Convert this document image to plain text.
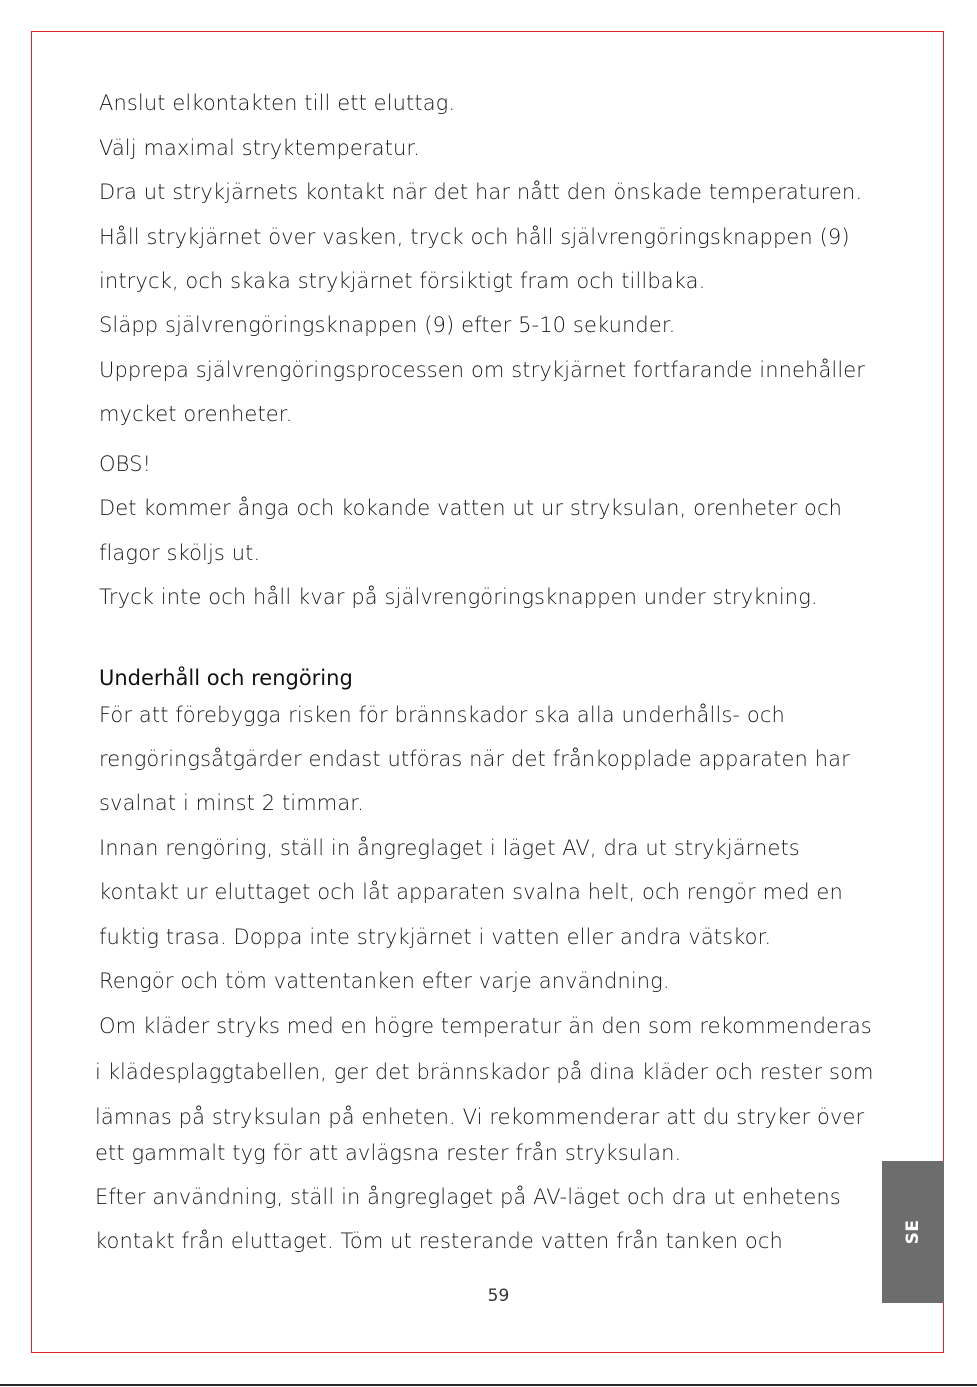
Anslut elkontakten till ett eluttag.
Välj maximal stryktemperatur.
Dra ut strykjärnets kontakt när det har nått den önskade temperaturen.
Håll strykjärnet över vasken, tryck och håll självrengöringsknappen (9)
intryck, och skaka strykjärnet försiktigt fram och tillbaka.
Släpp självrengöringsknappen (9) efter 5-10 sekunder.
Upprepa självrengöringsprocessen om strykjärnet fortfarande innehåller
mycket orenheter.
OBS!
Det kommer ånga och kokande vatten ut ur stryksulan, orenheter och
flagor sköljs ut.
Tryck inte och håll kvar på självrengöringsknappen under strykning.
Underhåll och rengöring
För att förebygga risken för brännskador ska alla underhålls- och
rengöringsåtgärder endast utföras när det frånkopplade apparaten har
svalnat i minst 2 timmar.
Innan rengöring, ställ in ångreglaget i läget AV, dra ut strykjärnets
kontakt ur eluttaget och låt apparaten svalna helt, och rengör med en
fuktig trasa. Doppa inte strykjärnet i vatten eller andra vätskor.
Rengör och töm vattentanken efter varje användning.
Om kläder stryks med en högre temperatur än den som rekommenderas
i klädesplaggtabellen, ger det brännskador på dina kläder och rester som
lämnas på stryksulan på enheten. Vi rekommenderar att du stryker över
ett gammalt tyg för att avlägsna rester från stryksulan.
Efter användning, ställ in ångreglaget på AV-läget och dra ut enhetens
kontakt från eluttaget. Töm ut resterande vatten från tanken och	SE
59
